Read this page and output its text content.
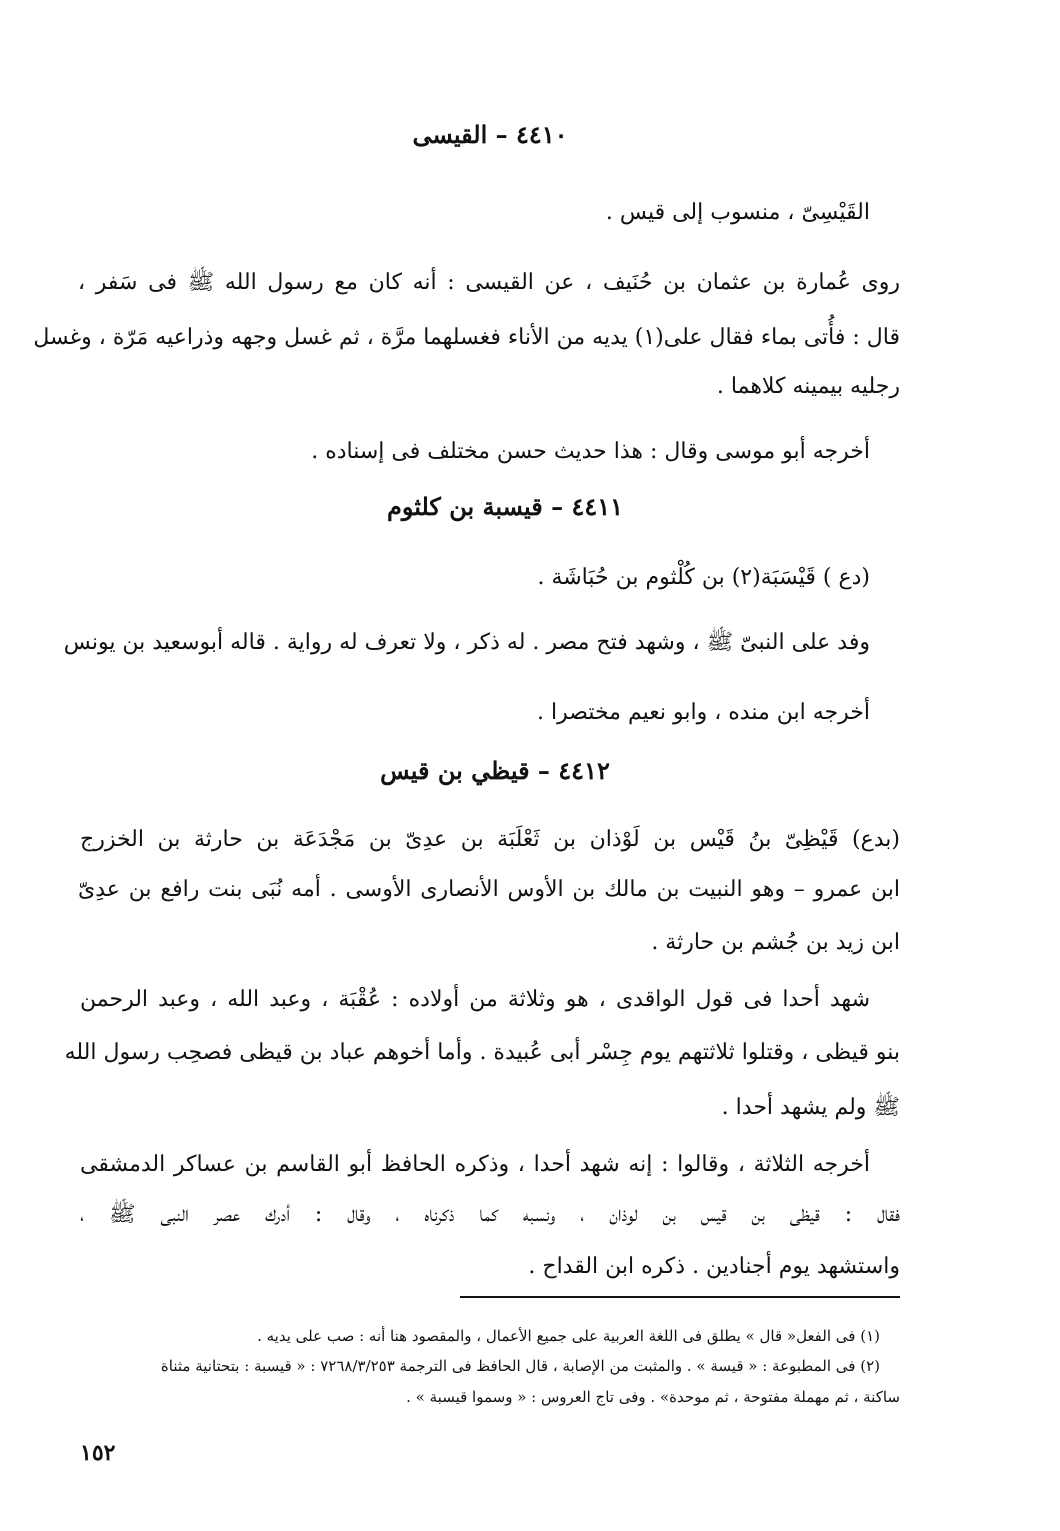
٤٤١٠ – القيسى
القَيْسِىّ ، منسوب إلى قيس .
روى عُمارة بن عثمان بن حُنَيف ، عن القيسى : أنه كان مع رسول الله ﷺ فى سَفر ،
قال : فأُتى بماء فقال على(١) يديه من الأناء فغسلهما مرَّة ، ثم غسل وجهه وذراعيه مَرّة ، وغسل
رجليه بيمينه كلاهما .
أخرجه أبو موسى وقال : هذا حديث حسن مختلف فى إسناده .
٤٤١١ – قيسبة بن كلثوم
(دع ) قَيْسَبَة(٢) بن كُلْثوم بن حُبَاشَة .
وفد على النبىّ ﷺ ، وشهد فتح مصر . له ذكر ، ولا تعرف له رواية . قاله أبوسعيد بن يونس
أخرجه ابن منده ، وابو نعيم مختصرا .
٤٤١٢ – قيظي بن قيس
(بدع) قَيْظِىّ بنُ قَيْس بن لَوْذان بن ثَعْلَبَة بن عدِىّ بن مَجْدَعَة بن حارثة بن الخزرج
ابن عمرو – وهو النبيت بن مالك بن الأوس الأنصارى الأوسى . أمه نُبَى بنت رافع بن عدِىّ
ابن زيد بن جُشم بن حارثة .
شهد أحدا فى قول الواقدى ، هو وثلاثة من أولاده : عُقْبَة ، وعبد الله ، وعبد الرحمن
بنو قيظى ، وقتلوا ثلاثتهم يوم جِسْر أبى عُبيدة . وأما أخوهم عباد بن قيظى فصحِب رسول الله
ﷺ ولم يشهد أحدا .
أخرجه الثلاثة ، وقالوا : إنه شهد أحدا ، وذكره الحافظ أبو القاسم بن عساكر الدمشقى
فقال : قيظى بن قيس بن لوذان ، ونسبه كما ذكرناه ، وقال : أدرك عصر النبى ﷺ ،
واستشهد يوم أجنادين . ذكره ابن القداح .
(١) فى الفعل« قال » يطلق فى اللغة العربية على جميع الأعمال ، والمقصود هنا أنه : صب على يديه .
(٢) فى المطبوعة : « قيسة » . والمثبت من الإصابة ، قال الحافظ فى الترجمة ٧٢٦٨/٣/٢٥٣ : « قيسبة : بتحتانية مثناة
ساكنة ، ثم مهملة مفتوحة ، ثم موحدة» . وفى تاج العروس : « وسموا قيسبة » .
١٥٢
